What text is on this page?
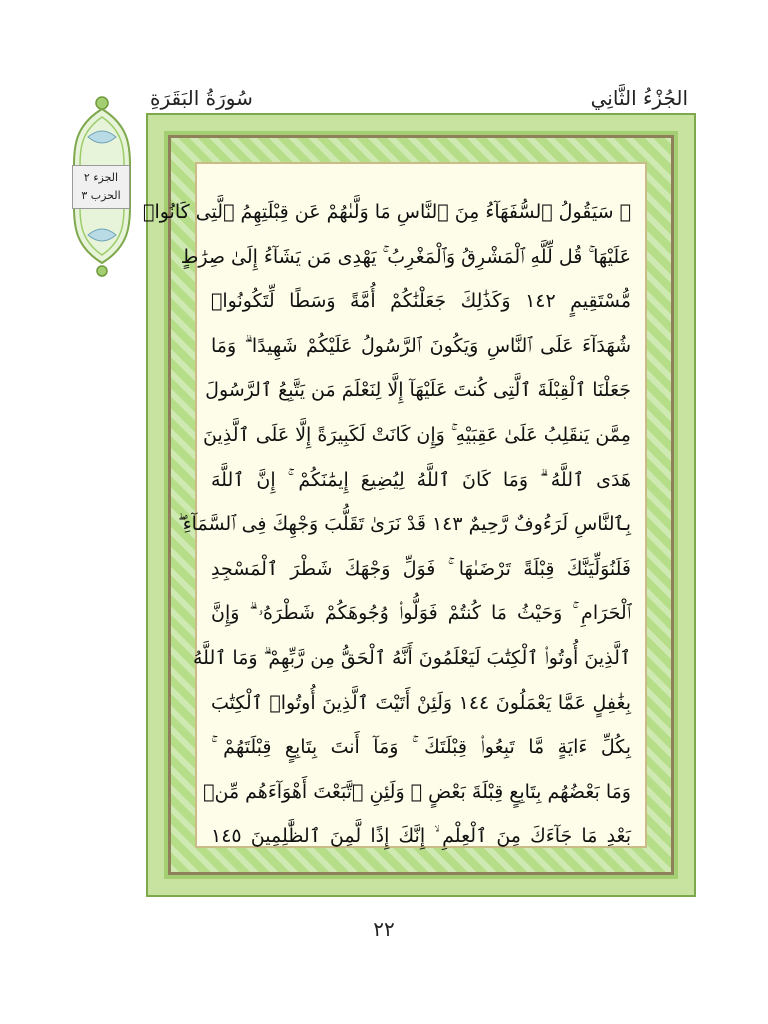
الجُزْءُ الثَّانِي
سُورَةُ البَقَرَةِ
الجزء ٢
الحزب ٣
۞ سَيَقُولُ ٱلسُّفَهَآءُ مِنَ ٱلنَّاسِ مَا وَلَّىٰهُمْ عَن قِبْلَتِهِمُ ٱلَّتِى كَانُوا۟
عَلَيْهَا ۚ قُل لِّلَّهِ ٱلْمَشْرِقُ وَٱلْمَغْرِبُ ۚ يَهْدِى مَن يَشَآءُ إِلَىٰ صِرَٰطٍ
مُّسْتَقِيمٍ ١٤٢ وَكَذَٰلِكَ جَعَلْنَٰكُمْ أُمَّةً وَسَطًا لِّتَكُونُوا۟
شُهَدَآءَ عَلَى ٱلنَّاسِ وَيَكُونَ ٱلرَّسُولُ عَلَيْكُمْ شَهِيدًا ۗ وَمَا
جَعَلْنَا ٱلْقِبْلَةَ ٱلَّتِى كُنتَ عَلَيْهَآ إِلَّا لِنَعْلَمَ مَن يَتَّبِعُ ٱلرَّسُولَ
مِمَّن يَنقَلِبُ عَلَىٰ عَقِبَيْهِ ۚ وَإِن كَانَتْ لَكَبِيرَةً إِلَّا عَلَى ٱلَّذِينَ
هَدَى ٱللَّهُ ۗ وَمَا كَانَ ٱللَّهُ لِيُضِيعَ إِيمَٰنَكُمْ ۚ إِنَّ ٱللَّهَ
بِٱلنَّاسِ لَرَءُوفٌ رَّحِيمٌ ١٤٣ قَدْ نَرَىٰ تَقَلُّبَ وَجْهِكَ فِى ٱلسَّمَآءِ ۖ
فَلَنُوَلِّيَنَّكَ قِبْلَةً تَرْضَىٰهَا ۚ فَوَلِّ وَجْهَكَ شَطْرَ ٱلْمَسْجِدِ
ٱلْحَرَامِ ۚ وَحَيْثُ مَا كُنتُمْ فَوَلُّوا۟ وُجُوهَكُمْ شَطْرَهُۥ ۗ وَإِنَّ
ٱلَّذِينَ أُوتُوا۟ ٱلْكِتَٰبَ لَيَعْلَمُونَ أَنَّهُ ٱلْحَقُّ مِن رَّبِّهِمْ ۗ وَمَا ٱللَّهُ
بِغَٰفِلٍ عَمَّا يَعْمَلُونَ ١٤٤ وَلَئِنْ أَتَيْتَ ٱلَّذِينَ أُوتُوا۟ ٱلْكِتَٰبَ
بِكُلِّ ءَايَةٍ مَّا تَبِعُوا۟ قِبْلَتَكَ ۚ وَمَآ أَنتَ بِتَابِعٍ قِبْلَتَهُمْ ۚ
وَمَا بَعْضُهُم بِتَابِعٍ قِبْلَةَ بَعْضٍ ۚ وَلَئِنِ ٱتَّبَعْتَ أَهْوَآءَهُم مِّنۢ
بَعْدِ مَا جَآءَكَ مِنَ ٱلْعِلْمِ ۙ إِنَّكَ إِذًا لَّمِنَ ٱلظَّٰلِمِينَ ١٤٥
٢٢
